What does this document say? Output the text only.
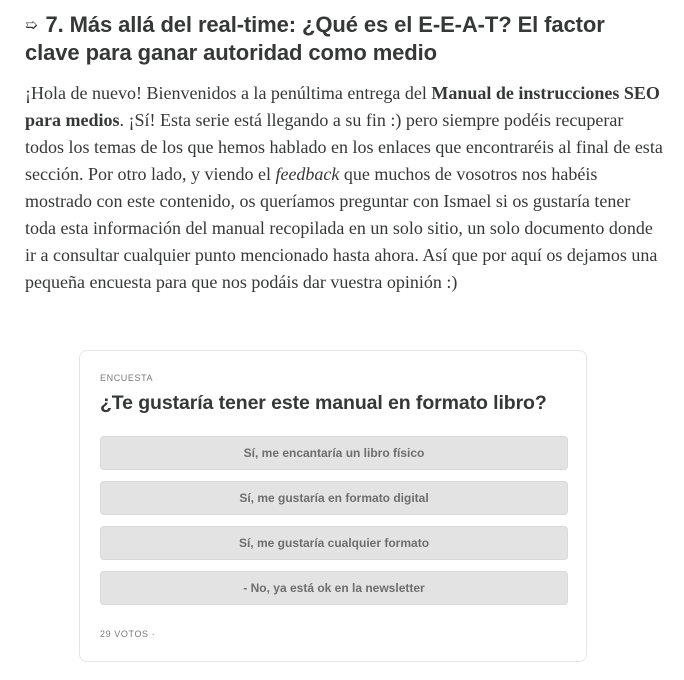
➯ 7. Más allá del real-time: ¿Qué es el E-E-A-T? El factor clave para ganar autoridad como medio

¡Hola de nuevo! Bienvenidos a la penúltima entrega del Manual de instrucciones SEO para medios. ¡Sí! Esta serie está llegando a su fin :) pero siempre podéis recuperar todos los temas de los que hemos hablado en los enlaces que encontraréis al final de esta sección. Por otro lado, y viendo el feedback que muchos de vosotros nos habéis mostrado con este contenido, os queríamos preguntar con Ismael si os gustaría tener toda esta información del manual recopilada en un solo sitio, un solo documento donde ir a consultar cualquier punto mencionado hasta ahora. Así que por aquí os dejamos una pequeña encuesta para que nos podáis dar vuestra opinión :)

ENCUESTA
¿Te gustaría tener este manual en formato libro?
Sí, me encantaría un libro físico
Sí, me gustaría en formato digital
Sí, me gustaría cualquier formato
- No, ya está ok en la newsletter
29 VOTOS ·
